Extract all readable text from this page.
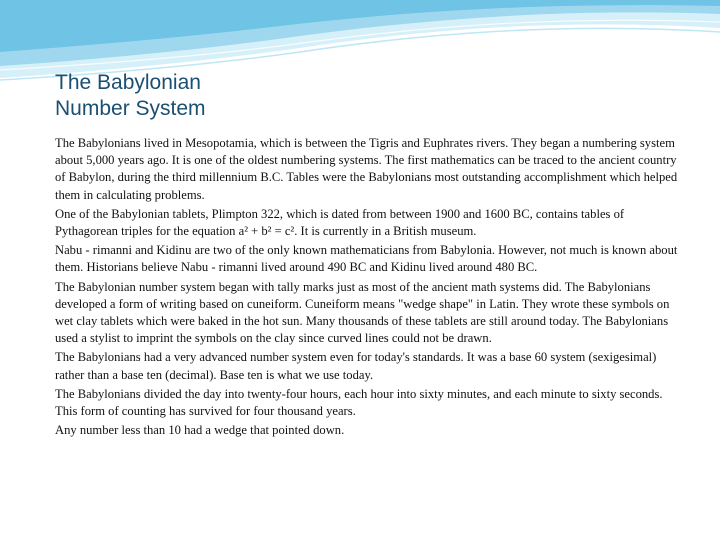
The Babylonian

Number System

The Babylonians lived in Mesopotamia, which is between the Tigris and Euphrates rivers. They began a numbering system about 5,000 years ago. It is one of the oldest numbering systems. The first mathematics can be traced to the ancient country of Babylon, during the third millennium B.C. Tables were the Babylonians most outstanding accomplishment which helped them in calculating problems.

One of the Babylonian tablets, Plimpton 322, which is dated from between 1900 and 1600 BC, contains tables of Pythagorean triples for the equation a² + b² = c². It is currently in a British museum.

Nabu - rimanni and Kidinu are two of the only known mathematicians from Babylonia. However, not much is known about them. Historians believe Nabu - rimanni lived around 490 BC and Kidinu lived around 480 BC.

The Babylonian number system began with tally marks just as most of the ancient math systems did. The Babylonians developed a form of writing based on cuneiform. Cuneiform means "wedge shape" in Latin. They wrote these symbols on wet clay tablets which were baked in the hot sun. Many thousands of these tablets are still around today. The Babylonians used a stylist to imprint the symbols on the clay since curved lines could not be drawn.

The Babylonians had a very advanced number system even for today's standards. It was a base 60 system (sexigesimal) rather than a base ten (decimal). Base ten is what we use today.

The Babylonians divided the day into twenty-four hours, each hour into sixty minutes, and each minute to sixty seconds. This form of counting has survived for four thousand years.

Any number less than 10 had a wedge that pointed down.
